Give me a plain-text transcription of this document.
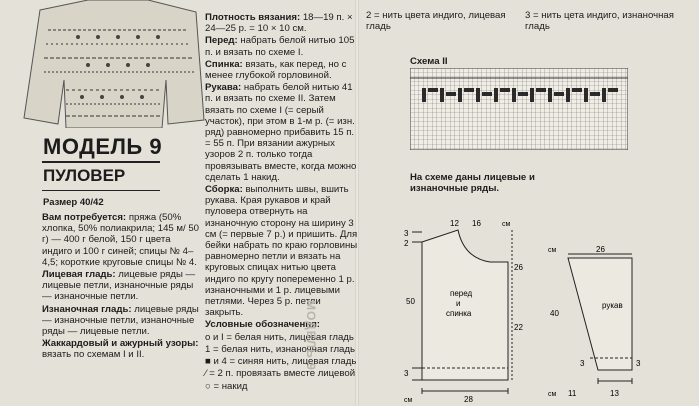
МОДЕЛЬ 9
ПУЛОВЕР
Размер 40/42

Вам потребуется: пряжа (50% хлопка, 50% полиакрила; 145 м/ 50 г) — 400 г белой, 150 г цвета индиго и 100 г синей; спицы № 4–4,5; короткие круговые спицы № 4.

Лицевая гладь: лицевые ряды — лицевые петли, изнаночные ряды — изнаночные петли.

Изнаночная гладь: лицевые ряды — изнаночные петли, изнаночные ряды — лицевые петли.

Жаккардовый и ажурный узоры: вязать по схемам I и II.

Плотность вязания: 18—19 п. × 24—25 р. = 10 × 10 см.

Перед: набрать белой нитью 105 п. и вязать по схеме I.

Спинка: вязать, как перед, но с менее глубокой горловиной.

Рукава: набрать белой нитью 41 п. и вязать по схеме II. Затем вязать по схеме I (= серый участок), при этом в 1-м р. (= изн. ряд) равномерно прибавить 15 п. = 55 п. При вязании ажурных узоров 2 п. только тогда провязывать вместе, когда можно сделать 1 накид.

Сборка: выполнить швы, вшить рукава. Края рукавов и край пуловера отвернуть на изнаночную сторону на ширину 3 см (= первые 7 р.) и пришить. Для бейки набрать по краю горловины равномерно петли и вязать на круговых спицах нитью цвета индиго по кругу попеременно 1 р. изнаночными и 1 р. лицевыми петлями. Через 5 р. петли закрыть.

Условные обозначения:

о и I = белая нить, лицевая гладь

1 = белая нить, изнаночная гладь

■ и 4 = синяя нить, лицевая гладь

⁄ = 2 п. провязать вместе лицевой

○ = накид

2 = нить цвета индиго, лицевая гладь
3 = нить цета индиго, изнаночная гладь
Схема II
На схеме даны лицевые и изнаночные ряды.
12 16	см
3
2
26
50
22
3
28
см
перед
и
спинка
26
см
40
3	3
11	13
см
рукав
МОДЕЛЬ 9
